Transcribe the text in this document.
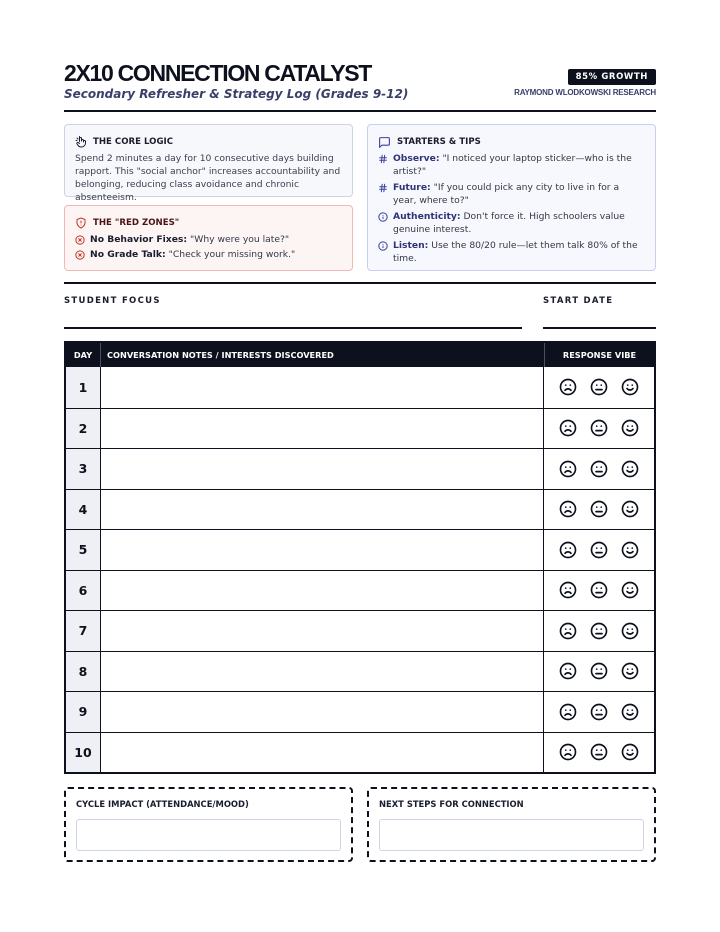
2X10 CONNECTION CATALYST
Secondary Refresher & Strategy Log (Grades 9-12)
85% GROWTH
RAYMOND WLODKOWSKI RESEARCH
THE CORE LOGIC
Spend 2 minutes a day for 10 consecutive days building rapport. This "social anchor" increases accountability and belonging, reducing class avoidance and chronic absenteeism.
THE "RED ZONES"
No Behavior Fixes: "Why were you late?"
No Grade Talk: "Check your missing work."
STARTERS & TIPS
Observe: "I noticed your laptop sticker—who is the artist?"
Future: "If you could pick any city to live in for a year, where to?"
Authenticity: Don't force it. High schoolers value genuine interest.
Listen: Use the 80/20 rule—let them talk 80% of the time.
STUDENT FOCUS	START DATE
DAY	CONVERSATION NOTES / INTERESTS DISCOVERED	RESPONSE VIBE
1
2
3
4
5
6
7
8
9
10
CYCLE IMPACT (ATTENDANCE/MOOD)	NEXT STEPS FOR CONNECTION
